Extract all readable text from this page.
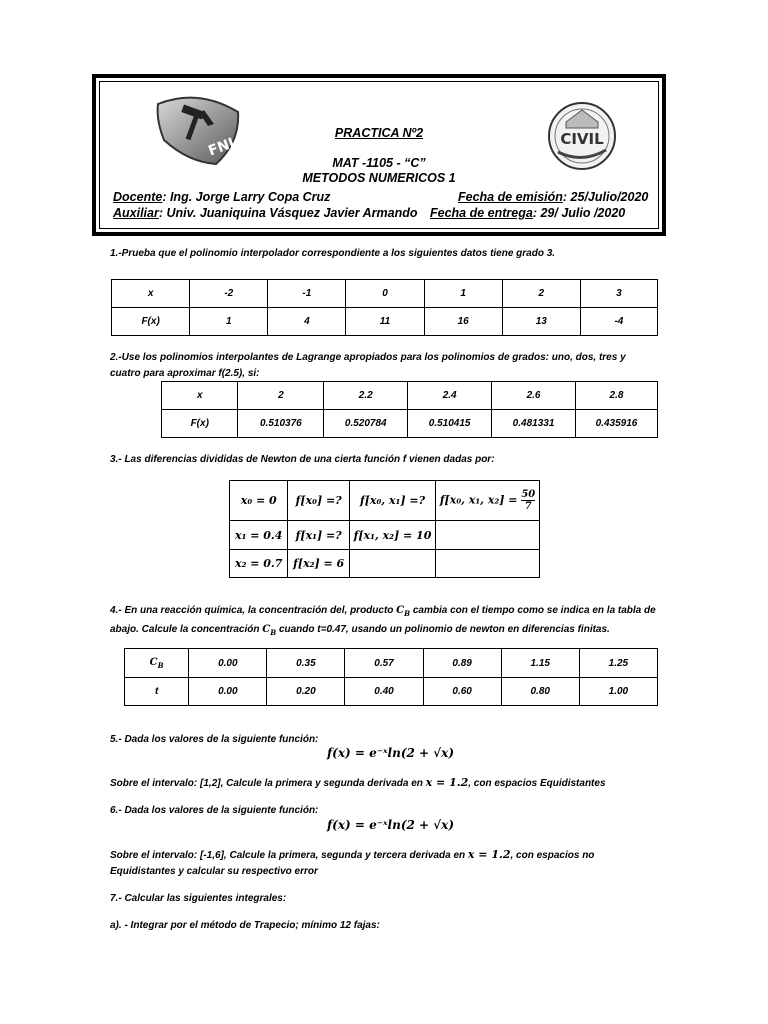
FNI	CIVIL
PRACTICA Nº2
MAT -1105 - “C”
METODOS NUMERICOS 1
Docente: Ing. Jorge Larry Copa Cruz
Auxiliar: Univ. Juaniquina Vásquez Javier Armando
Fecha de emisión: 25/Julio/2020
Fecha de entrega: 29/ Julio /2020
1.-Prueba que el polinomio interpolador correspondiente a los siguientes datos tiene grado 3.
x	-2	-1	0	1	2	3
F(x)	1	4	11	16	13	-4
2.-Use los polinomios interpolantes de Lagrange apropiados para los polinomios de grados: uno, dos, tres y
cuatro para aproximar f(2.5), si:
x	2	2.2	2.4	2.6	2.8
F(x)	0.510376	0.520784	0.510415	0.481331	0.435916
3.- Las diferencias divididas de Newton de una cierta función f vienen dadas por:
x₀ = 0	f[x₀] =?	f[x₀, x₁] =?	f[x₀, x₁, $x_2] = \frac{50}{7}$

x₁ = 0.4	f[x₁] =?	f[x₁, x₂] = 10	
x₂ = 0.7	f[x₂] = 6		
4.- En una reacción química, la concentración del, producto $C_B$ cambia con el tiempo como se indica en la tabla de
abajo. Calcule la concentración $C_B$ cuando t=0.47, usando un polinomio de newton en diferencias finitas.
$C_B$	0.00	0.35	0.57	0.89	1.15	1.25
t	0.00	0.20	0.40	0.60	0.80	1.00
5.- Dada los valores de la siguiente función:
f(x) = e⁻ˣln(2 + √x)
Sobre el intervalo: [1,2], Calcule la primera y segunda derivada en x = 1.2, con espacios Equidistantes
6.- Dada los valores de la siguiente función:
f(x) = e⁻ˣln(2 + √x)
Sobre el intervalo: [-1,6], Calcule la primera, segunda y tercera derivada en x = 1.2, con espacios no
Equidistantes y calcular su respectivo error
7.- Calcular las siguientes integrales:
a). - Integrar por el método de Trapecio; mínimo 12 fajas:
